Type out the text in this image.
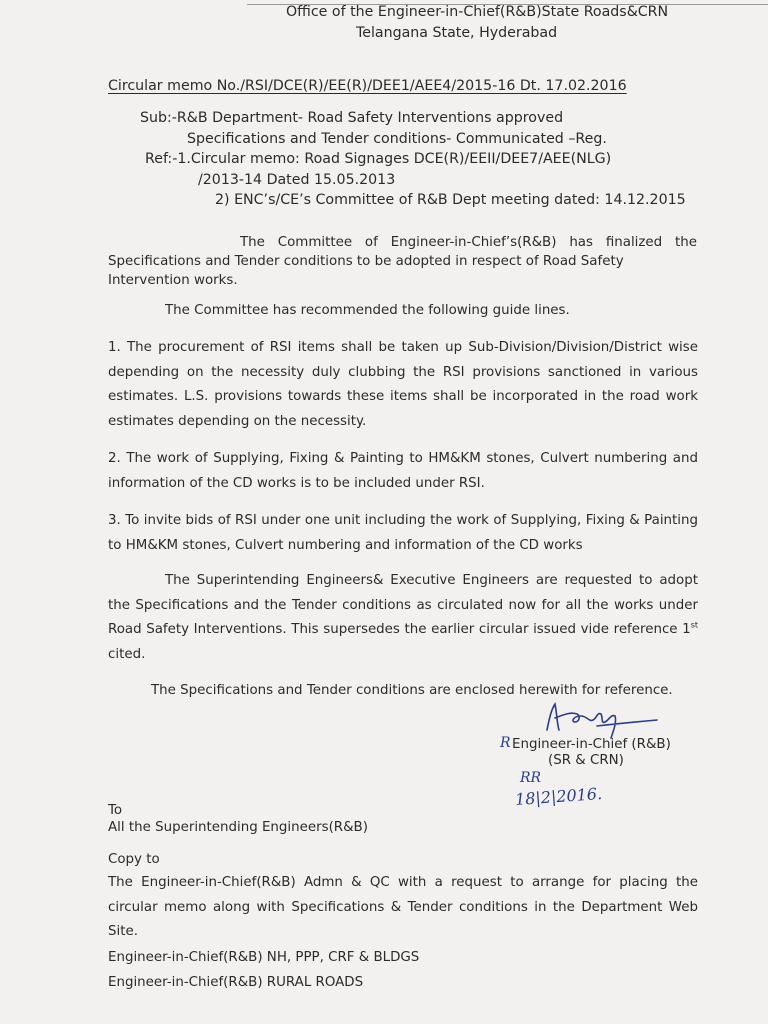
Office of the Engineer-in-Chief(R&B)State Roads&CRN
Telangana State, Hyderabad
Circular memo No./RSI/DCE(R)/EE(R)/DEE1/AEE4/2015-16 Dt. 17.02.2016
Sub:-R&B Department- Road Safety Interventions approved
Specifications and Tender conditions- Communicated –Reg.
Ref:-1.Circular memo: Road Signages DCE(R)/EEII/DEE7/AEE(NLG)
/2013-14 Dated 15.05.2013
2) ENC’s/CE’s Committee of R&B Dept meeting dated: 14.12.2015
The Committee of Engineer-in-Chief’s(R&B) has finalized the
Specifications and Tender conditions to be adopted in respect of Road Safety
Intervention works.
The Committee has recommended the following guide lines.
1. The procurement of RSI items shall be taken up Sub-Division/Division/District wise depending on the necessity duly clubbing the RSI provisions sanctioned in various estimates. L.S. provisions towards these items shall be incorporated in the road work estimates depending on the necessity.
2. The work of Supplying, Fixing & Painting to HM&KM stones, Culvert numbering and information of the CD works is to be included under RSI.
3. To invite bids of RSI under one unit including the work of Supplying, Fixing & Painting to HM&KM stones, Culvert numbering and information of the CD works
The Superintending Engineers& Executive Engineers are requested to adopt the Specifications and the Tender conditions as circulated now for all the works under Road Safety Interventions. This supersedes the earlier circular issued vide reference 1st cited.
The Specifications and Tender conditions are enclosed herewith for reference.
R Engineer-in-Chief (R&B)
(SR & CRN)
RR
18|2|2016.
To
All the Superintending Engineers(R&B)
Copy to
The Engineer-in-Chief(R&B) Admn & QC with a request to arrange for placing the circular memo along with Specifications & Tender conditions in the Department Web Site.
Engineer-in-Chief(R&B) NH, PPP, CRF & BLDGS
Engineer-in-Chief(R&B) RURAL ROADS
